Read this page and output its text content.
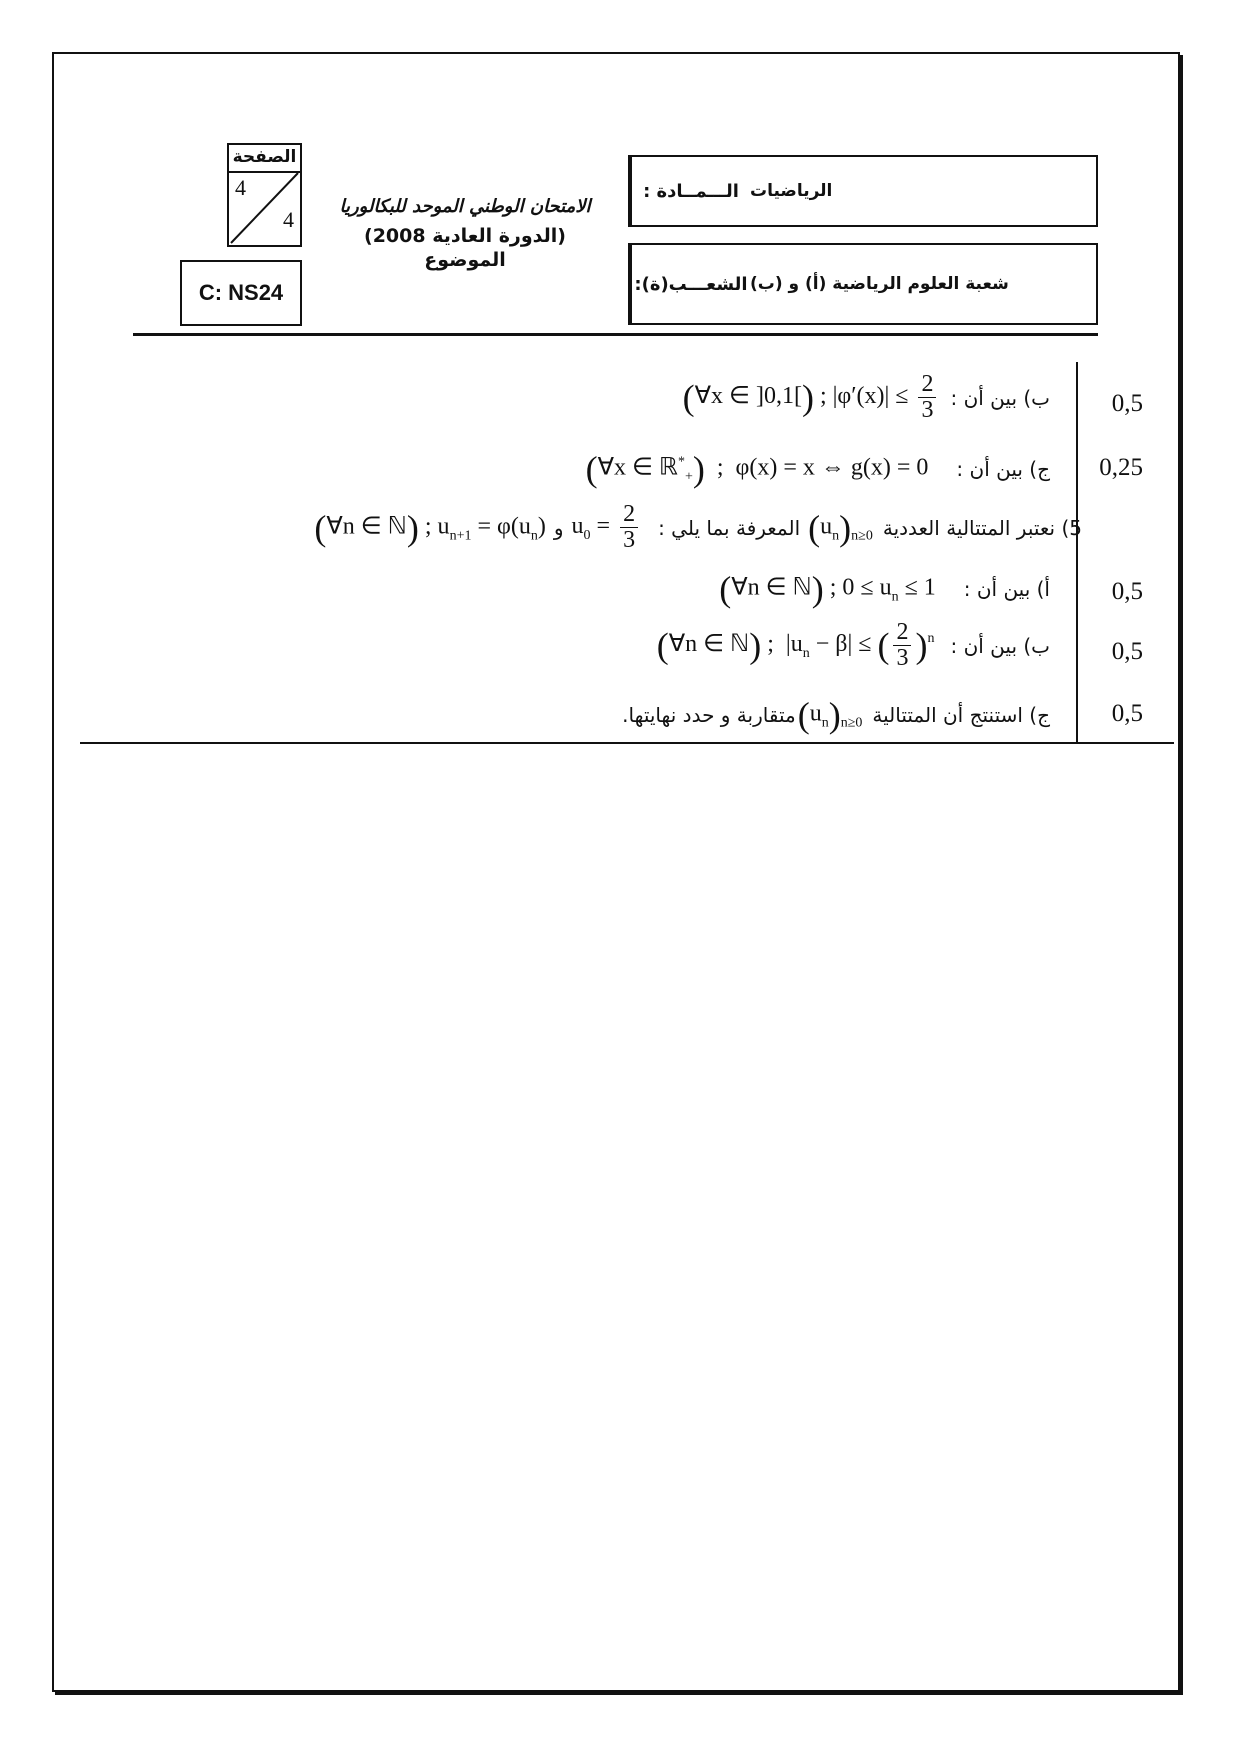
الصفحة
4
4
C: NS24
الامتحان الوطني الموحد للبكالوريا
(الدورة العادية 2008)
الموضوع
الـــمــادة : الرياضيات
الشعـــب(ة): شعبة العلوم الرياضية (أ) و (ب)
ب) بين أن :
(∀x ∈ ]0,1[) ; $|\varphi'(x)| \le \frac{2}{3}$	0,5
ج) بين أن :
(∀x ∈ ℝ*$_+$)  ;  φ(x) = x ⇔ g(x) = 0	0,25
5) نعتبر المتتالية العددية
$(u_n)_{n\ge 0}$
المعرفة بما يلي :
$u_0 = \frac{2}{3}$
و
(∀n ∈ ℕ) ; $u_{n+1} = \varphi(u_n)$
أ) بين أن :
(∀n ∈ ℕ) ; $0 \le u_n \le 1$	0,5
ب) بين أن :
(∀n ∈ ℕ) ;  $|u_n - \beta|$ ≤ ( $\frac{2}{3} )^n$	0,5
ج) استنتج أن المتتالية
$(u_n)_{n\ge 0}$
متقاربة و حدد نهايتها.	0,5
